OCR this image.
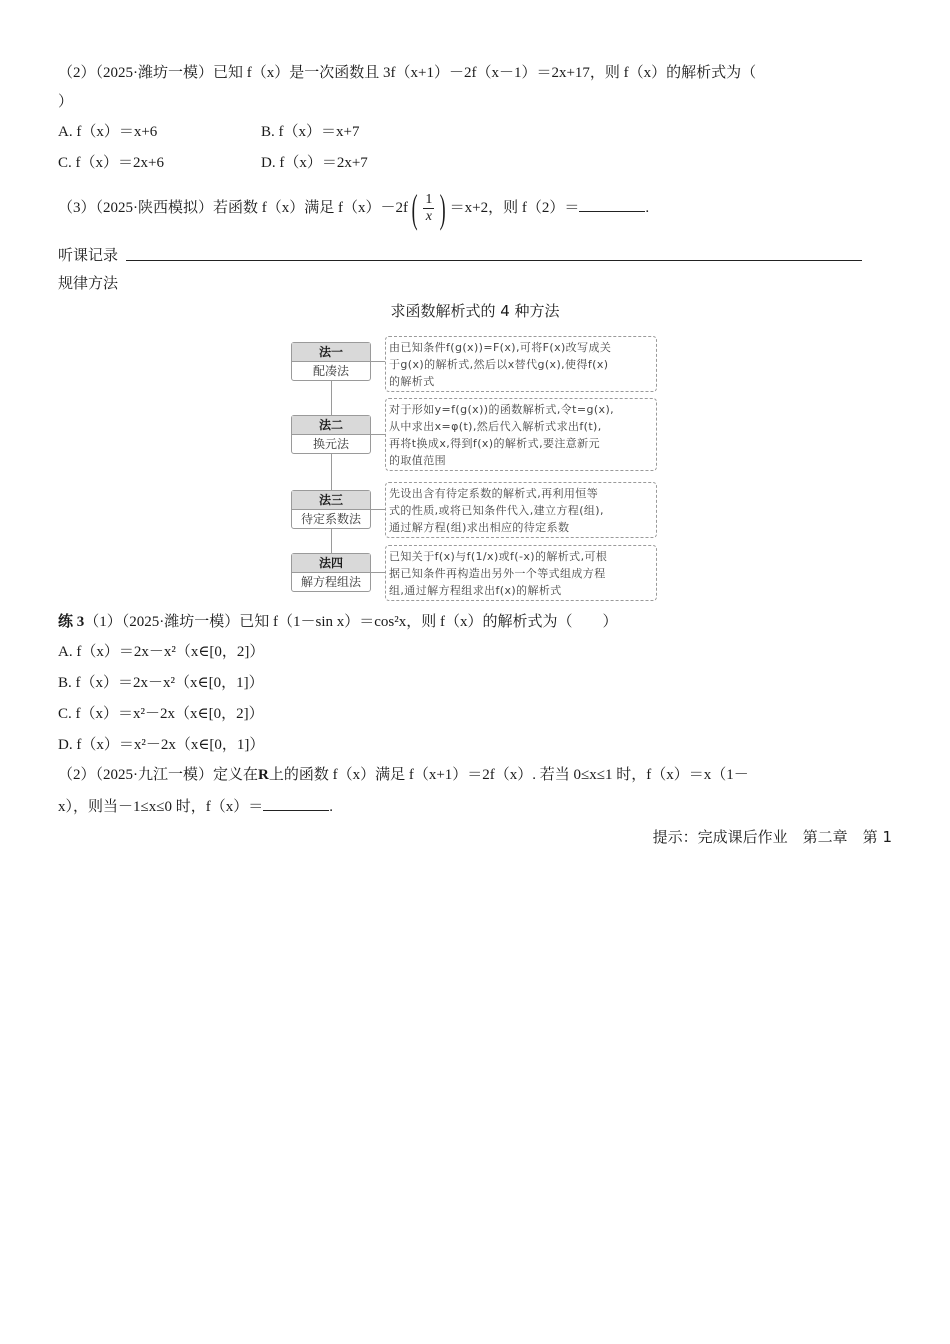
（2）（2025·潍坊一模）已知 f（x）是一次函数且 3f（x+1）－2f（x－1）＝2x+17，则 f（x）的解析式为（
）
A. f（x）＝x+6	B. f（x）＝x+7
C. f（x）＝2x+6	D. f（x）＝2x+7
（3）（2025·陕西模拟）若函数 f（x）满足 $f(x)-2f( \frac{1}{x}$ ) ＝x+2，则 f（2）＝	.
听课记录
规律方法
求函数解析式的 4 种方法
法一
配凑法
由已知条件f(g(x))=F(x),可将F(x)改写成关
于g(x)的解析式,然后以x替代g(x),使得f(x)
的解析式
法二
换元法
对于形如y=f(g(x))的函数解析式,令t=g(x),
从中求出x=φ(t),然后代入解析式求出f(t),
再将t换成x,得到f(x)的解析式,要注意新元
的取值范围
法三
待定系数法
先设出含有待定系数的解析式,再利用恒等
式的性质,或将已知条件代入,建立方程(组),
通过解方程(组)求出相应的待定系数
法四
解方程组法
已知关于f(x)与f(1/x)或f(-x)的解析式,可根
据已知条件再构造出另外一个等式组成方程
组,通过解方程组求出f(x)的解析式
练 3（1）（2025·潍坊一模）已知 f（1－sin x）＝cos²x，则 f（x）的解析式为（　　）
A. f（x）＝2x－x²（x∈[0，2]）
B. f（x）＝2x－x²（x∈[0，1]）
C. f（x）＝x²－2x（x∈[0，2]）
D. f（x）＝x²－2x（x∈[0，1]）
（2）（2025·九江一模）定义在R上的函数 f（x）满足 f（x+1）＝2f（x）. 若当 0≤x≤1 时，f（x）＝x（1－
x），则当－1≤x≤0 时，f（x）＝	.
提示：完成课后作业　第二章　第 1
